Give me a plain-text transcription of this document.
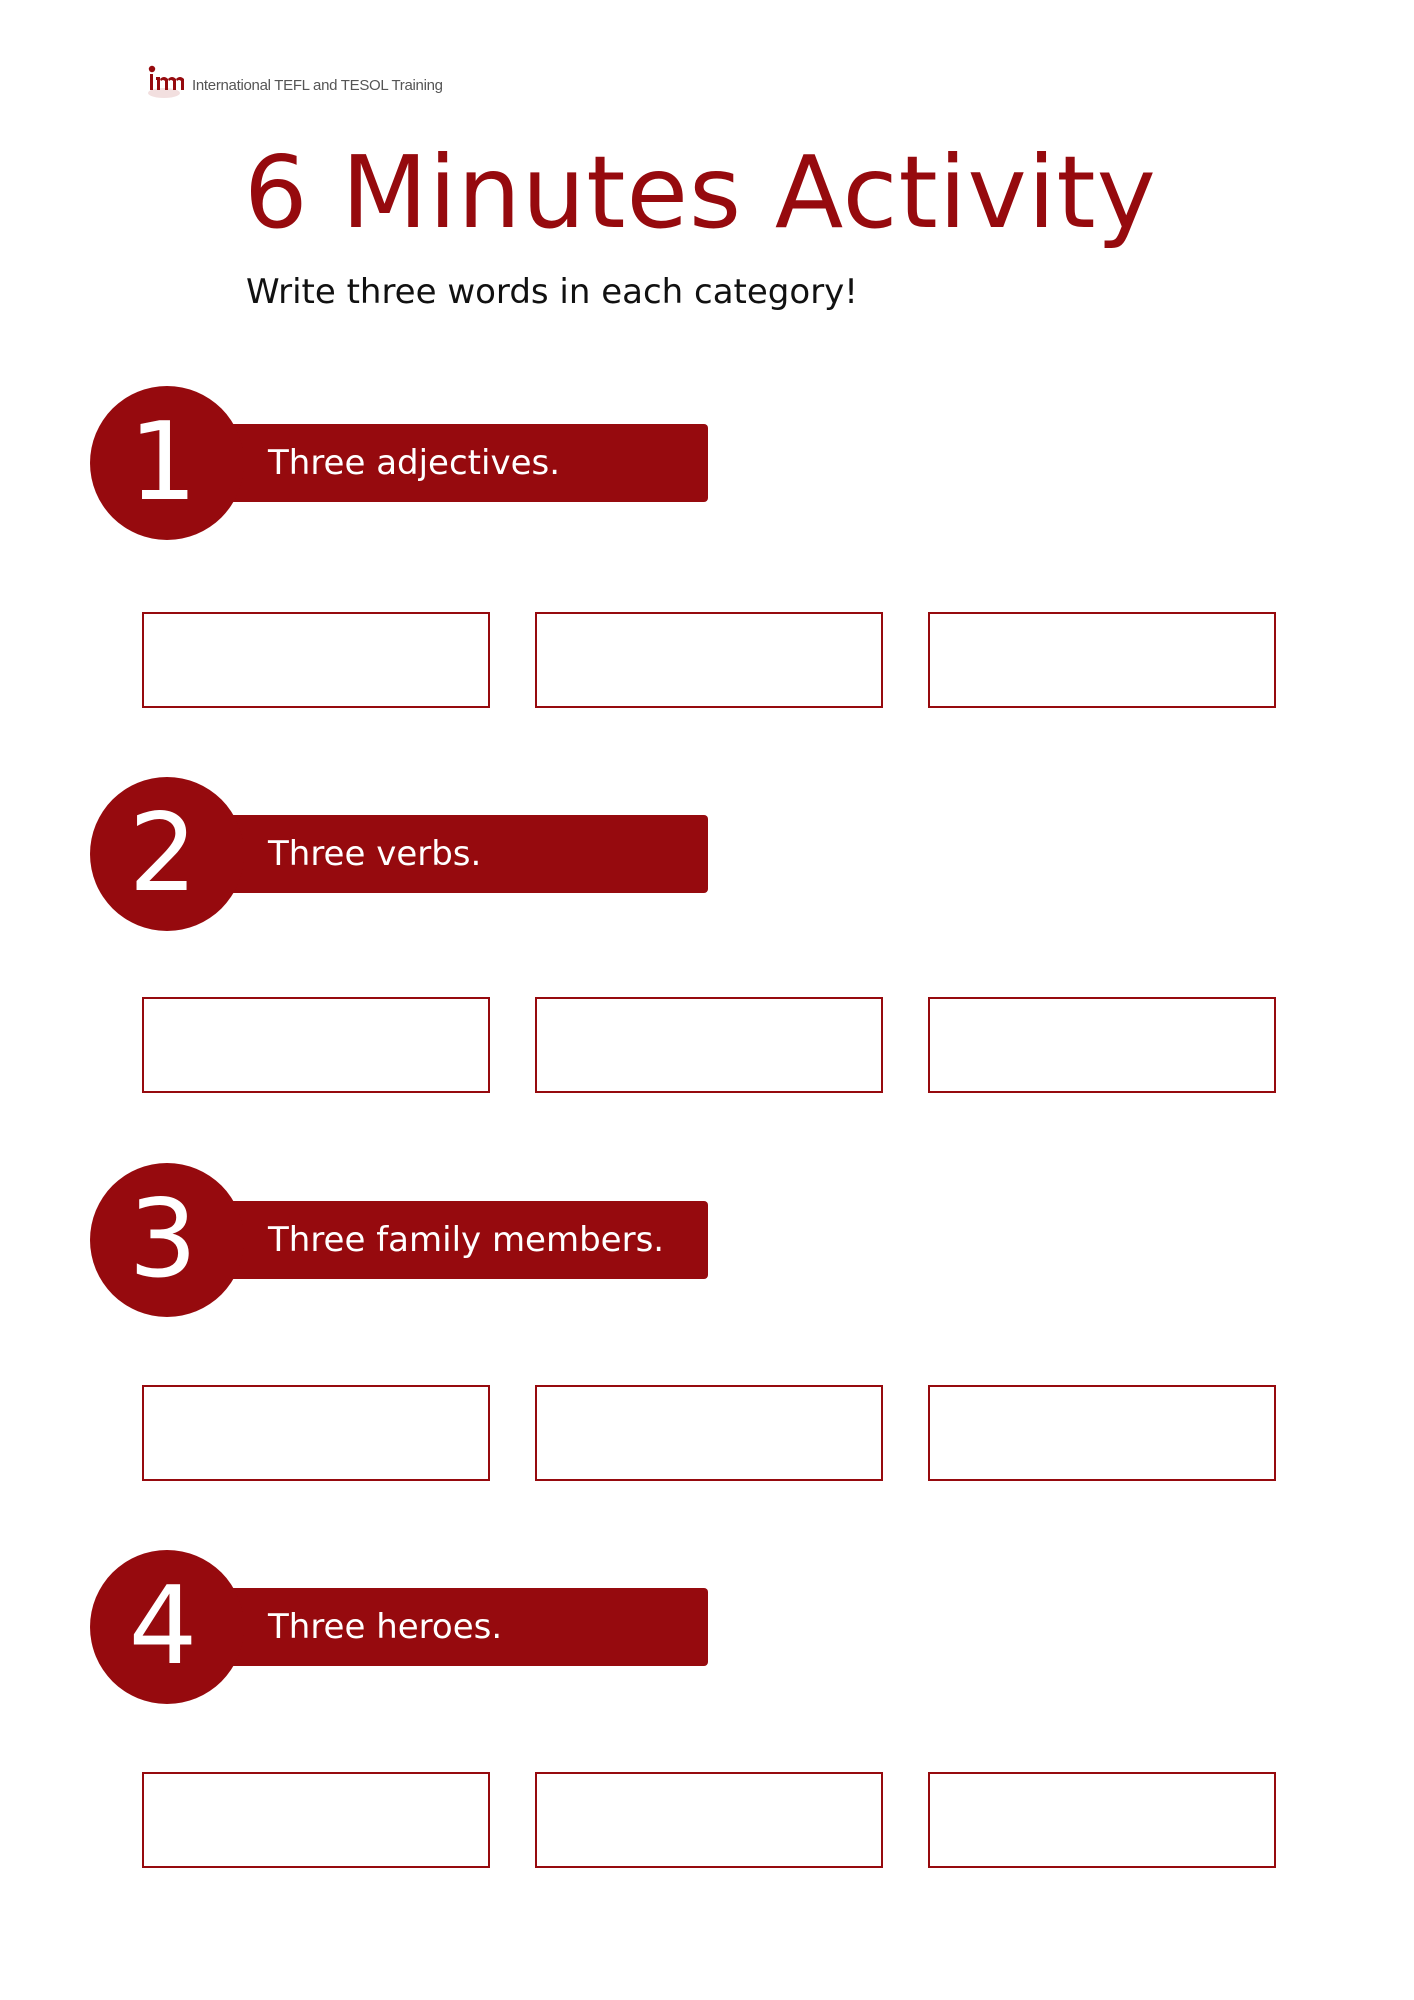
International TEFL and TESOL Training
6 Minutes Activity

Write three words in each category!

Three adjectives.
1
Three verbs.
2
Three family members.
3
Three heroes.
4
